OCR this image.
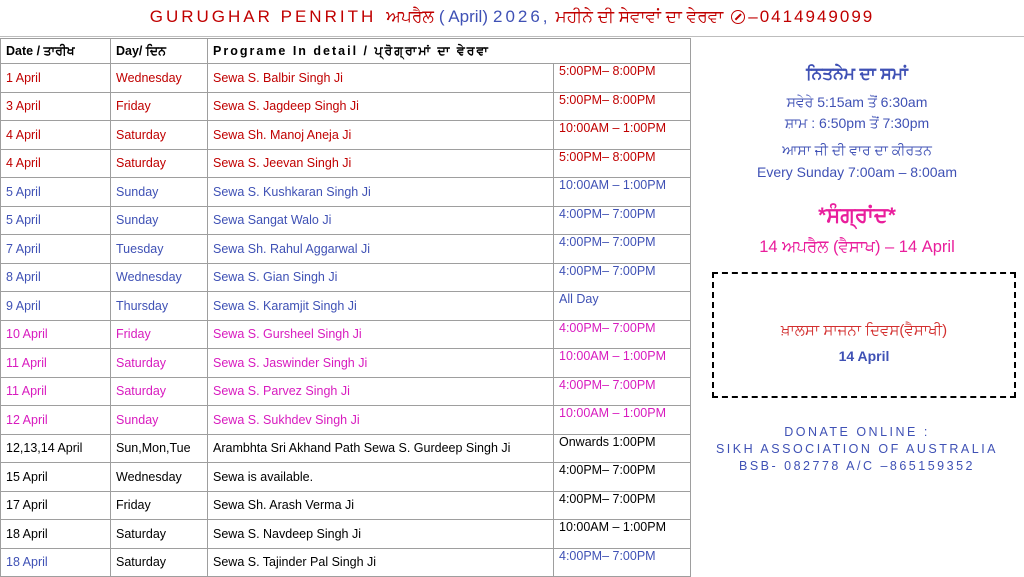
GURUGHAR PENRITH ਅਪਰੈਲ ( April) 2026, ਮਹੀਨੇ ਦੀ ਸੇਵਾਵਾਂ ਦਾ ਵੇਰਵਾ –0414949099
Date / ਤਾਰੀਖ	Day/ ਦਿਨ	Programe In detail / ਪ੍ਰੋਗ੍ਰਾਮਾਂ ਦਾ ਵੇਰਵਾ	
1 April	Wednesday	Sewa S. Balbir Singh Ji	5:00PM– 8:00PM
3 April	Friday	Sewa S. Jagdeep Singh Ji	5:00PM– 8:00PM
4 April	Saturday	Sewa Sh. Manoj Aneja Ji	10:00AM – 1:00PM
4 April	Saturday	Sewa S. Jeevan Singh Ji	5:00PM– 8:00PM
5 April	Sunday	Sewa S. Kushkaran Singh Ji	10:00AM – 1:00PM
5 April	Sunday	Sewa Sangat Walo Ji	4:00PM– 7:00PM
7 April	Tuesday	Sewa Sh. Rahul Aggarwal Ji	4:00PM– 7:00PM
8 April	Wednesday	Sewa S. Gian Singh Ji	4:00PM– 7:00PM
9 April	Thursday	Sewa S. Karamjit Singh Ji	All Day
10 April	Friday	Sewa S. Gursheel Singh Ji	4:00PM– 7:00PM
11 April	Saturday	Sewa S. Jaswinder Singh Ji	10:00AM – 1:00PM
11 April	Saturday	Sewa S. Parvez Singh Ji	4:00PM– 7:00PM
12 April	Sunday	Sewa S. Sukhdev Singh Ji	10:00AM – 1:00PM
12,13,14 April	Sun,Mon,Tue	Arambhta Sri Akhand Path Sewa S. Gurdeep Singh Ji	Onwards 1:00PM
15 April	Wednesday	Sewa is available.	4:00PM– 7:00PM
17 April	Friday	Sewa Sh. Arash Verma Ji	4:00PM– 7:00PM
18 April	Saturday	Sewa S. Navdeep Singh Ji	10:00AM – 1:00PM
18 April	Saturday	Sewa S. Tajinder Pal Singh Ji	4:00PM– 7:00PM
ਨਿਤਨੇਮ ਦਾ ਸਮਾਂ
ਸਵੇਰੇ 5:15am ਤੋਂ 6:30am
ਸ਼ਾਮ : 6:50pm ਤੋਂ 7:30pm
ਆਸਾ ਜੀ ਦੀ ਵਾਰ ਦਾ ਕੀਰਤਨ
Every Sunday 7:00am – 8:00am
*ਸੰਗ੍ਰਾਂਦ*
14 ਅਪਰੈਲ (ਵੈਸਾਖ) – 14 April
ਖ਼ਾਲਸਾ ਸਾਜਨਾ ਦਿਵਸ(ਵੈਸਾਖੀ)
14 April
DONATE ONLINE :
SIKH ASSOCIATION OF AUSTRALIA
BSB- 082778 A/C –865159352
